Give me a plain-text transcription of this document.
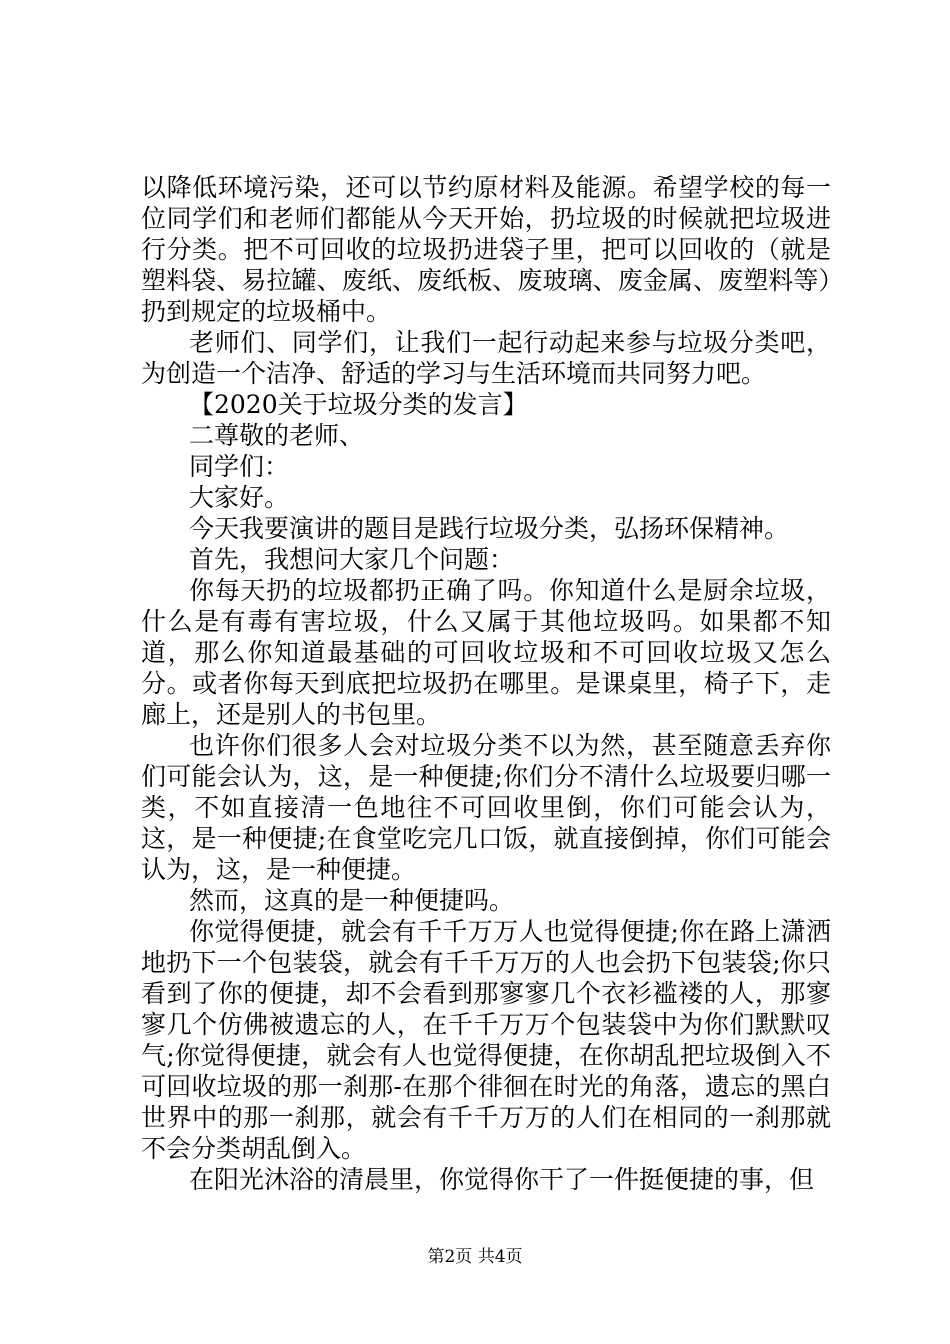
以降低环境污染，还可以节约原材料及能源。希望学校的每一位同学们和老师们都能从今天开始，扔垃圾的时候就把垃圾进行分类。把不可回收的垃圾扔进袋子里，把可以回收的（就是塑料袋、易拉罐、废纸、废纸板、废玻璃、废金属、废塑料等）扔到规定的垃圾桶中。

老师们、同学们，让我们一起行动起来参与垃圾分类吧，为创造一个洁净、舒适的学习与生活环境而共同努力吧。

【2020关于垃圾分类的发言】

二尊敬的老师、

同学们：

大家好。

今天我要演讲的题目是践行垃圾分类，弘扬环保精神。

首先，我想问大家几个问题：

你每天扔的垃圾都扔正确了吗。你知道什么是厨余垃圾，什么是有毒有害垃圾，什么又属于其他垃圾吗。如果都不知道，那么你知道最基础的可回收垃圾和不可回收垃圾又怎么分。或者你每天到底把垃圾扔在哪里。是课桌里，椅子下，走廊上，还是别人的书包里。

也许你们很多人会对垃圾分类不以为然，甚至随意丢弃你们可能会认为，这，是一种便捷;你们分不清什么垃圾要归哪一类，不如直接清一色地往不可回收里倒，你们可能会认为，这，是一种便捷;在食堂吃完几口饭，就直接倒掉，你们可能会认为，这，是一种便捷。

然而，这真的是一种便捷吗。

你觉得便捷，就会有千千万万人也觉得便捷;你在路上潇洒地扔下一个包装袋，就会有千千万万的人也会扔下包装袋;你只看到了你的便捷，却不会看到那寥寥几个衣衫褴褛的人，那寥寥几个仿佛被遗忘的人，在千千万万个包装袋中为你们默默叹气;你觉得便捷，就会有人也觉得便捷，在你胡乱把垃圾倒入不可回收垃圾的那一刹那-在那个徘徊在时光的角落，遗忘的黑白世界中的那一刹那，就会有千千万万的人们在相同的一刹那就不会分类胡乱倒入。

在阳光沐浴的清晨里，你觉得你干了一件挺便捷的事，但

第2页 共4页
